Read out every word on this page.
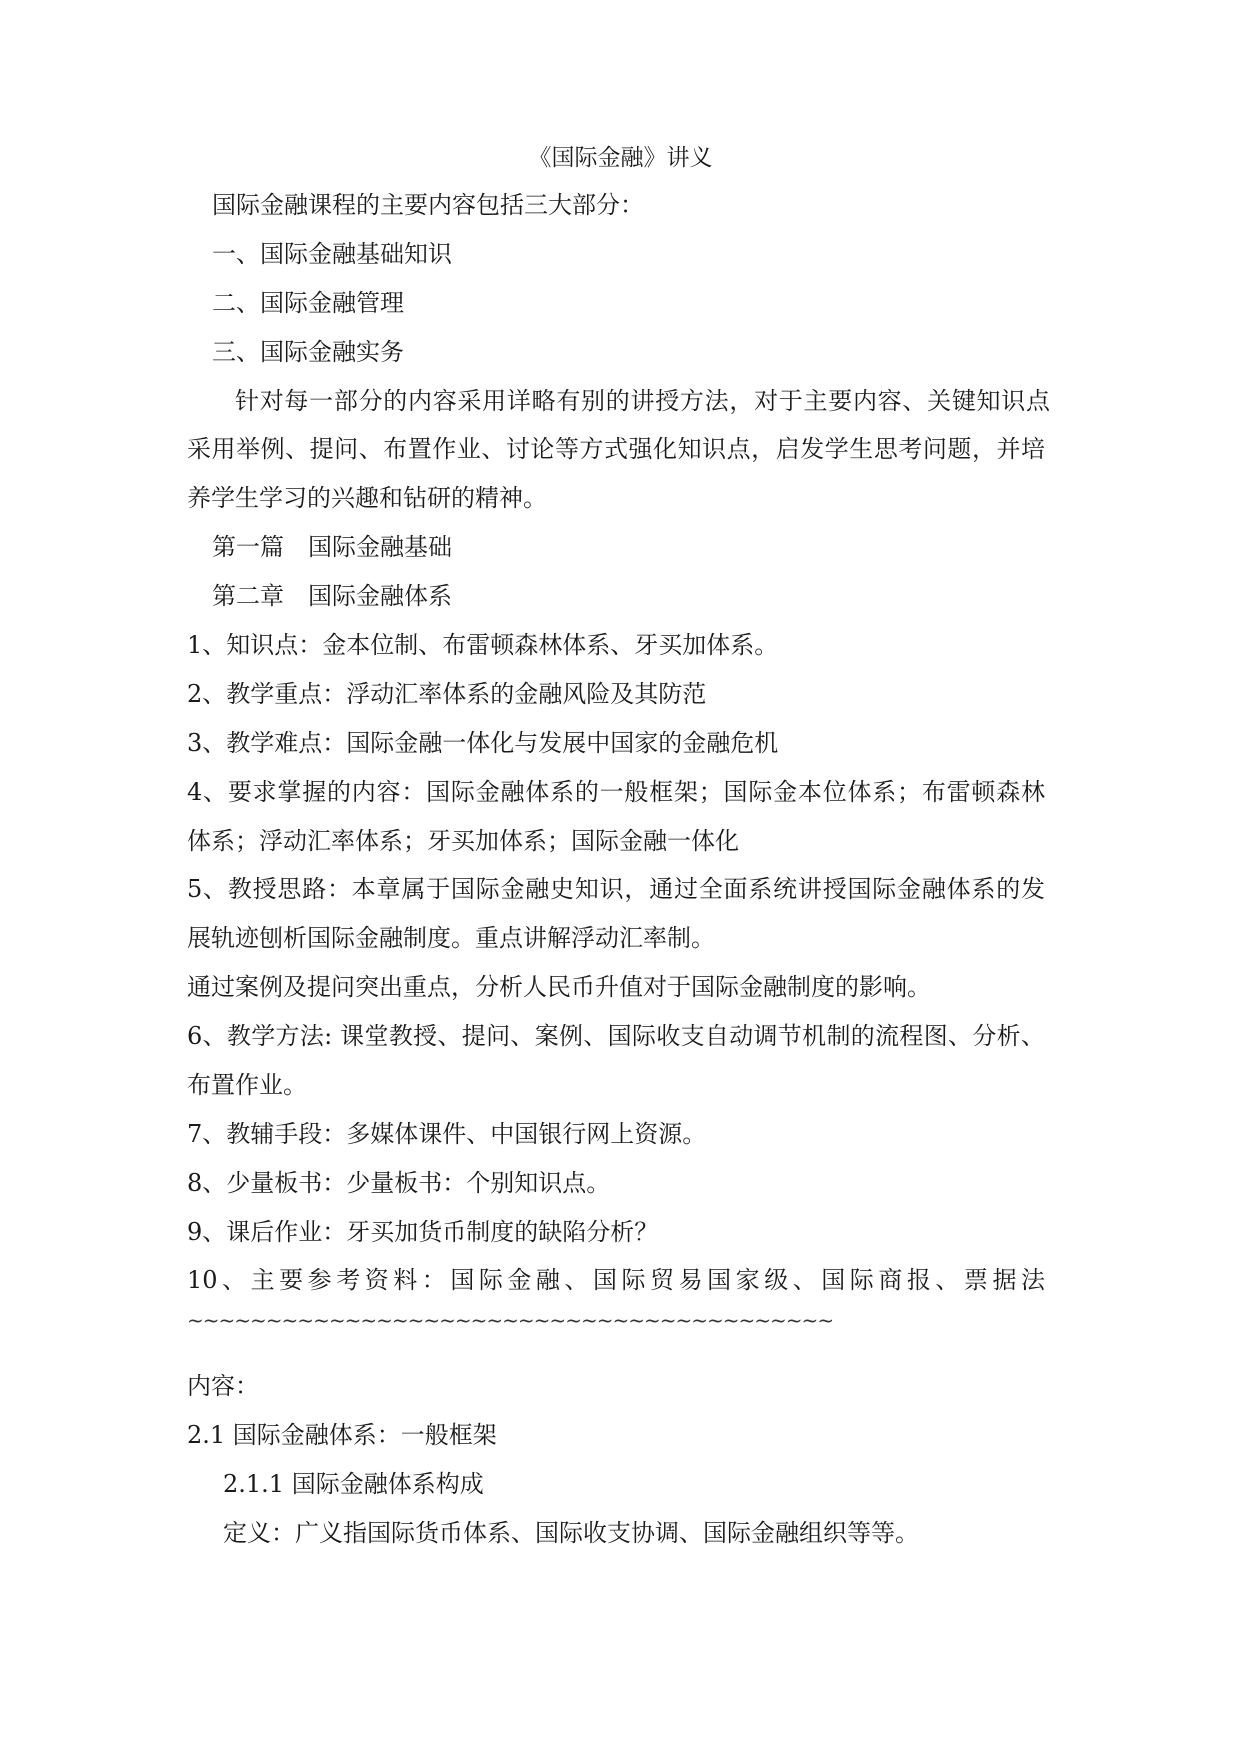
《国际金融》讲义
国际金融课程的主要内容包括三大部分：
一、国际金融基础知识
二、国际金融管理
三、国际金融实务
针对每一部分的内容采用详略有别的讲授方法，对于主要内容、关键知识点
采用举例、提问、布置作业、讨论等方式强化知识点，启发学生思考问题，并培
养学生学习的兴趣和钻研的精神。
第一篇　国际金融基础
第二章　国际金融体系
1、知识点：金本位制、布雷顿森林体系、牙买加体系。
2、教学重点：浮动汇率体系的金融风险及其防范
3、教学难点：国际金融一体化与发展中国家的金融危机
4、要求掌握的内容：国际金融体系的一般框架；国际金本位体系；布雷顿森林
体系；浮动汇率体系；牙买加体系；国际金融一体化
5、教授思路：本章属于国际金融史知识，通过全面系统讲授国际金融体系的发
展轨迹刨析国际金融制度。重点讲解浮动汇率制。
通过案例及提问突出重点，分析人民币升值对于国际金融制度的影响。
6、教学方法: 课堂教授、提问、案例、国际收支自动调节机制的流程图、分析、
布置作业。
7、教辅手段：多媒体课件、中国银行网上资源。
8、少量板书：少量板书：个别知识点。
9、课后作业：牙买加货币制度的缺陷分析？
10、主要参考资料：国际金融、国际贸易国家级、国际商报、票据法
~~~~~~~~~~~~~~~~~~~~~~~~~~~~~~~~~~~~~~~~~
内容：
2.1 国际金融体系：一般框架
2.1.1 国际金融体系构成
定义：广义指国际货币体系、国际收支协调、国际金融组织等等。
